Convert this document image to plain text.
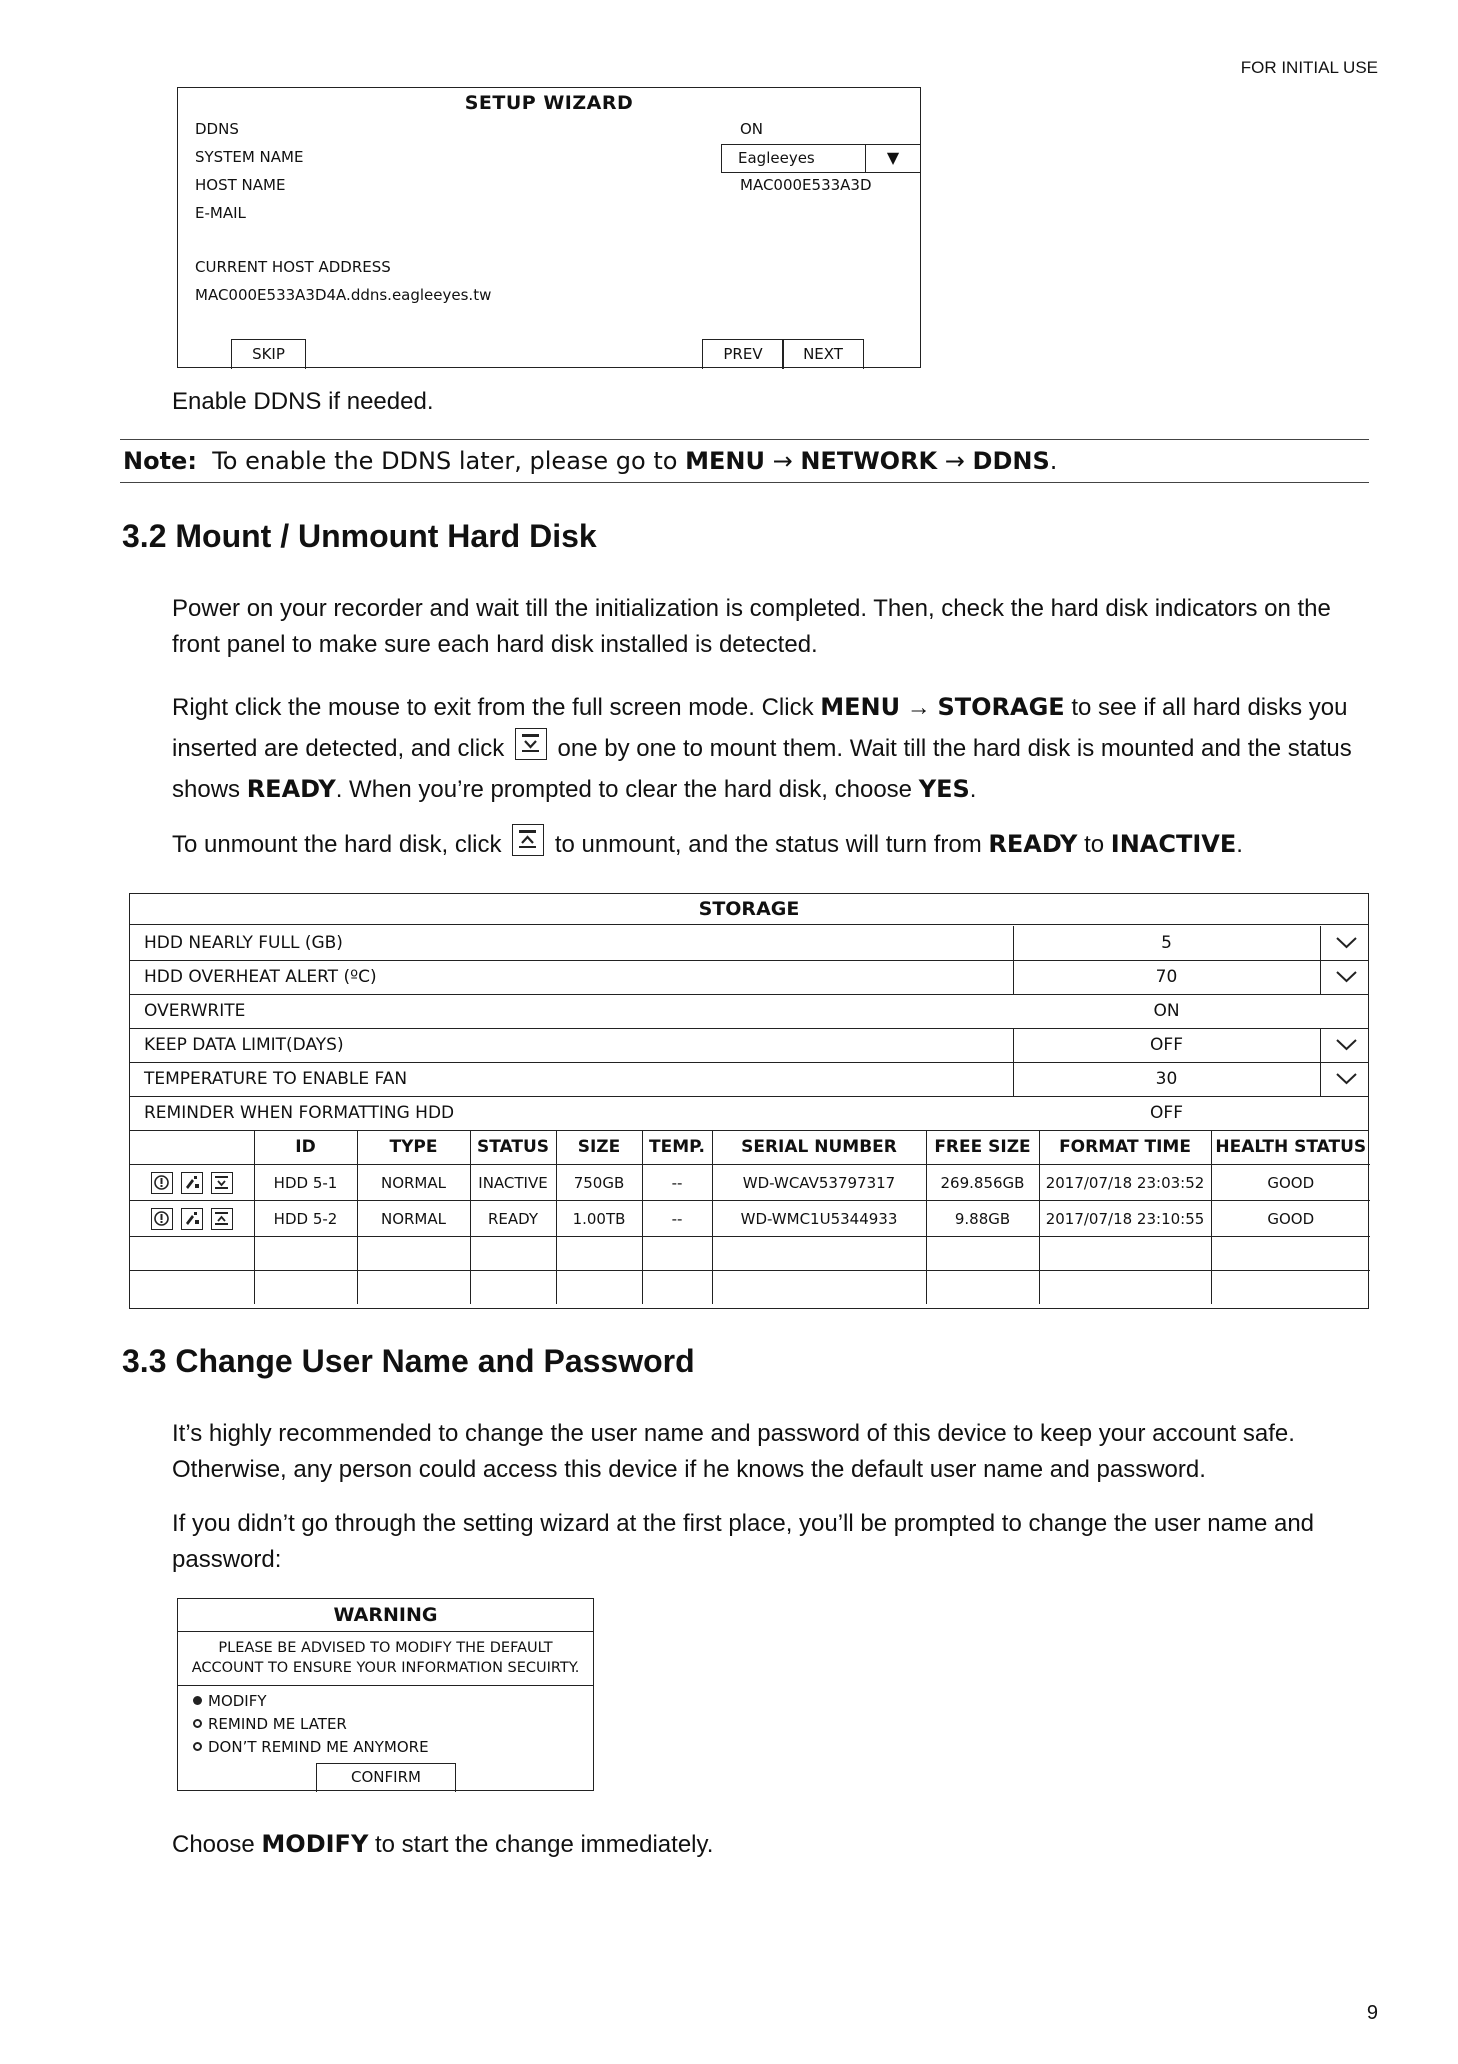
FOR INITIAL USE
SETUP WIZARD
DDNS	ON
SYSTEM NAME	Eagleeyes	▼
HOST NAME	MAC000E533A3D
E-MAIL
CURRENT HOST ADDRESS
MAC000E533A3D4A.ddns.eagleeyes.tw
SKIP	PREV	NEXT

Enable DDNS if needed.

Note: To enable the DDNS later, please go to MENU → NETWORK → DDNS.
3.2 Mount / Unmount Hard Disk

Power on your recorder and wait till the initialization is completed. Then, check the hard disk indicators on the front panel to make sure each hard disk installed is detected.

Right click the mouse to exit from the full screen mode. Click MENU → STORAGE to see if all hard disks you inserted are detected, and click one by one to mount them. Wait till the hard disk is mounted and the status shows READY. When you’re prompted to clear the hard disk, choose YES.
To unmount the hard disk, click to unmount, and the status will turn from READY to INACTIVE.
STORAGE
HDD NEARLY FULL (GB)	5
HDD OVERHEAT ALERT (ºC)	70
OVERWRITE	ON
KEEP DATA LIMIT(DAYS)	OFF
TEMPERATURE TO ENABLE FAN	30
REMINDER WHEN FORMATTING HDD	OFF
	ID	TYPE	STATUS	SIZE	TEMP.	SERIAL NUMBER	FREE SIZE	FORMAT TIME	HEALTH STATUS

	HDD 5-1	NORMAL	INACTIVE	750GB	--	WD-WCAV53797317	269.856GB	2017/07/18 23:03:52	GOOD

	HDD 5-2	NORMAL	READY	1.00TB	--	WD-WMC1U5344933	9.88GB	2017/07/18 23:10:55	GOOD

3.3 Change User Name and Password

It’s highly recommended to change the user name and password of this device to keep your account safe. Otherwise, any person could access this device if he knows the default user name and password.

If you didn’t go through the setting wizard at the first place, you’ll be prompted to change the user name and password:

WARNING
PLEASE BE ADVISED TO MODIFY THE DEFAULT
ACCOUNT TO ENSURE YOUR INFORMATION SECUIRTY.
MODIFY
REMIND ME LATER
DON’T REMIND ME ANYMORE
CONFIRM
Choose MODIFY to start the change immediately.
9
